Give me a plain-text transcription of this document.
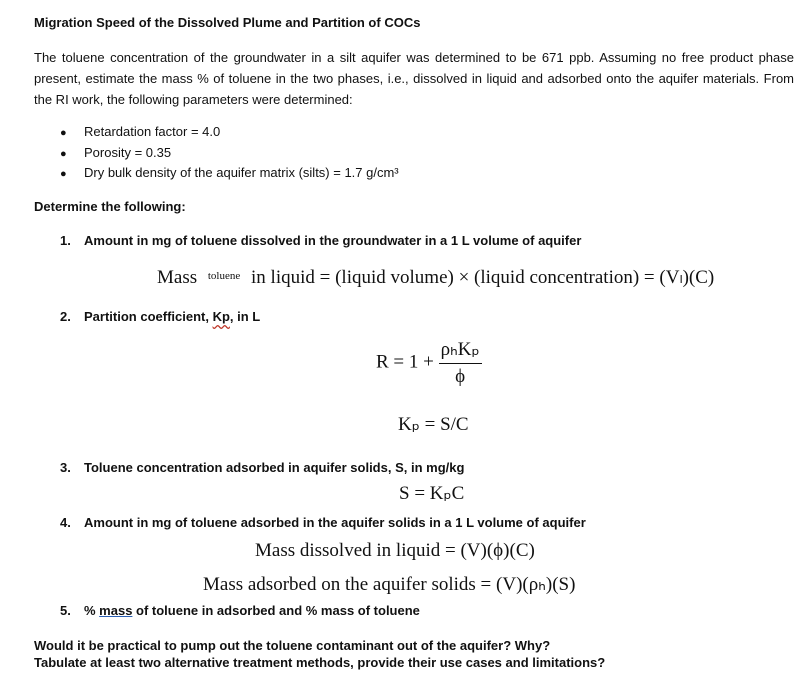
Migration Speed of the Dissolved Plume and Partition of COCs
The toluene concentration of the groundwater in a silt aquifer was determined to be 671 ppb. Assuming no free product phase present, estimate the mass % of toluene in the two phases, i.e., dissolved in liquid and adsorbed onto the aquifer materials. From the RI work, the following parameters were determined:
● Retardation factor = 4.0
● Porosity = 0.35
● Dry bulk density of the aquifer matrix (silts) = 1.7 g/cm³
Determine the following:
1. Amount in mg of toluene dissolved in the groundwater in a 1 L volume of aquifer
Mass $^{toluene}$ in liquid = (liquid volume) × (liquid concentration) = (Vₗ)(C)
2. Partition coefficient, Kp, in L
$R = 1 + \frac{\text{ρₕKₚ}}{\phi}$
Kₚ = S/C
3. Toluene concentration adsorbed in aquifer solids, S, in mg/kg
S = KₚC
4. Amount in mg of toluene adsorbed in the aquifer solids in a 1 L volume of aquifer
Mass dissolved in liquid = (V)(ϕ)(C)
Mass adsorbed on the aquifer solids = (V)(ρₕ)(S)
5. % mass of toluene in adsorbed and % mass of toluene
Would it be practical to pump out the toluene contaminant out of the aquifer? Why?
Tabulate at least two alternative treatment methods, provide their use cases and limitations?
